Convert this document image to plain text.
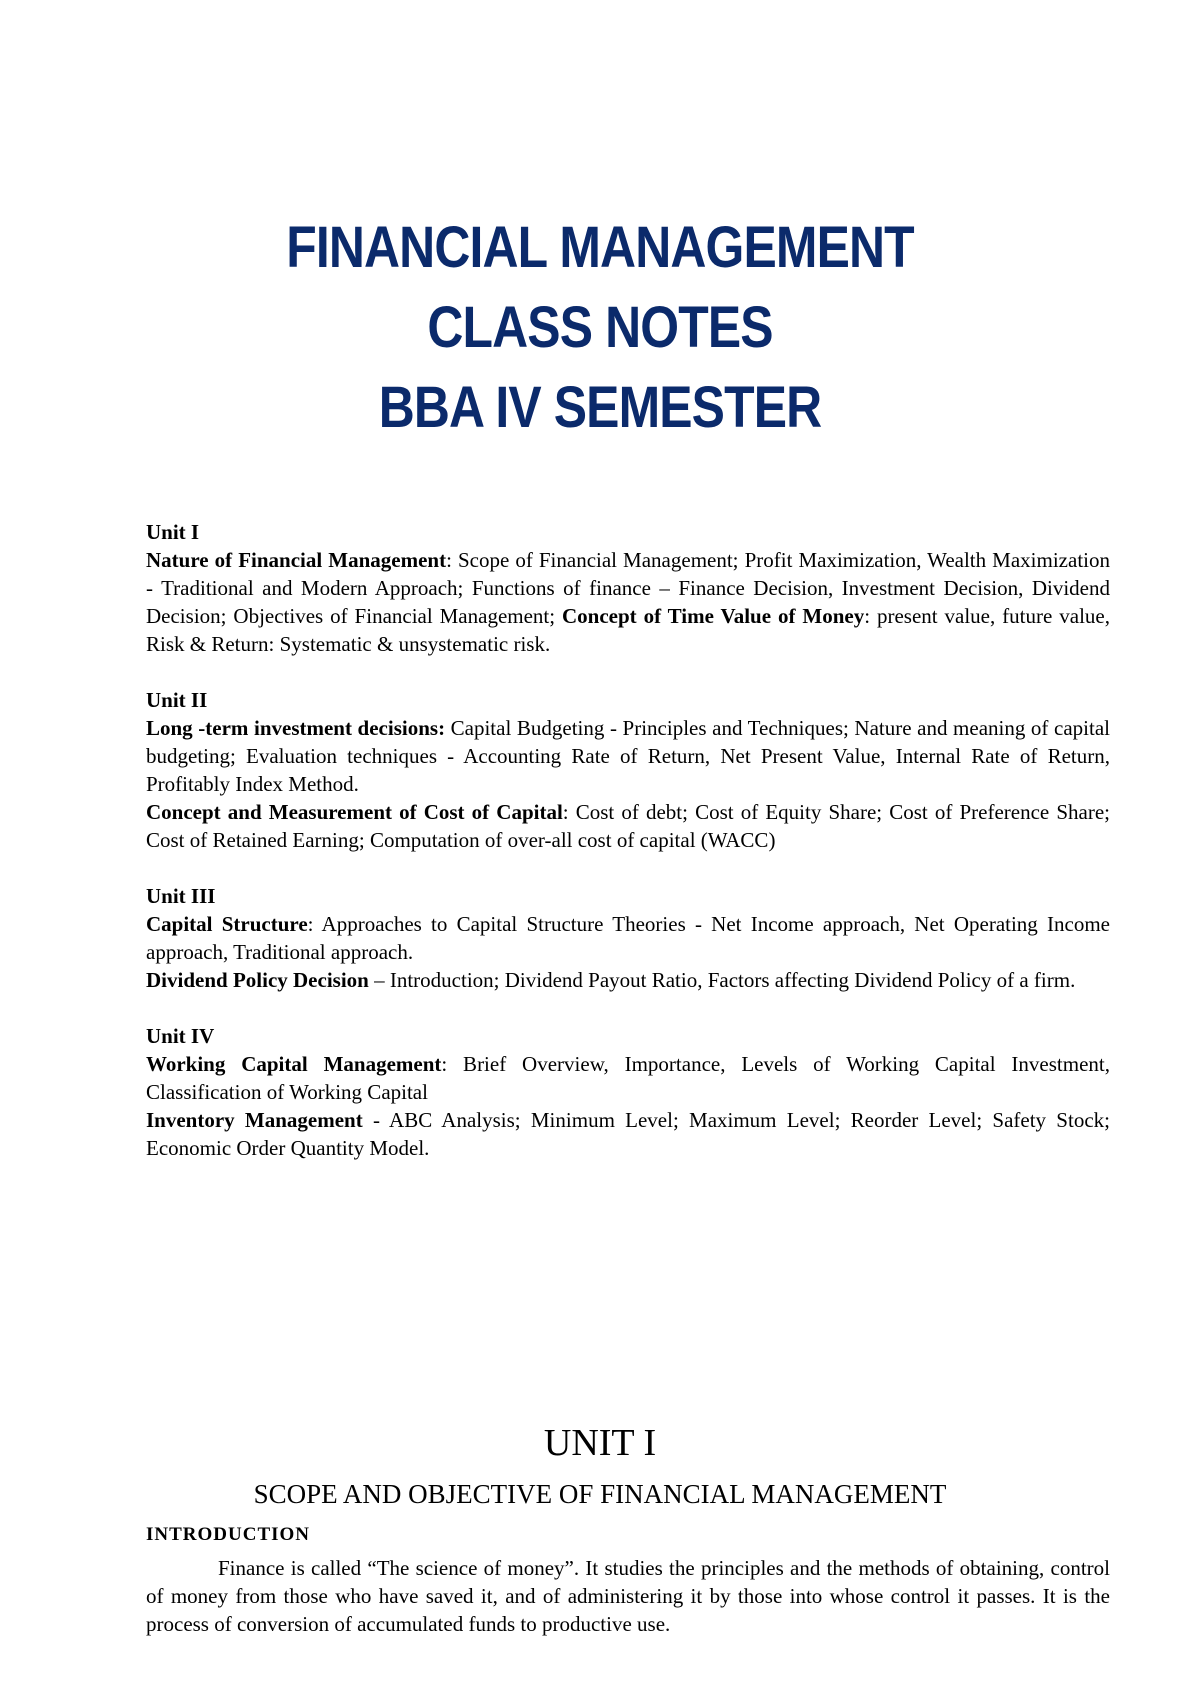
FINANCIAL MANAGEMENT
CLASS NOTES
BBA IV SEMESTER
Unit I
Nature of Financial Management: Scope of Financial Management; Profit Maximization, Wealth Maximization - Traditional and Modern Approach; Functions of finance – Finance Decision, Investment Decision, Dividend Decision; Objectives of Financial Management; Concept of Time Value of Money: present value, future value, Risk & Return: Systematic & unsystematic risk.
Unit II
Long -term investment decisions: Capital Budgeting - Principles and Techniques; Nature and meaning of capital budgeting; Evaluation techniques - Accounting Rate of Return, Net Present Value, Internal Rate of Return, Profitably Index Method.
Concept and Measurement of Cost of Capital: Cost of debt; Cost of Equity Share; Cost of Preference Share; Cost of Retained Earning; Computation of over-all cost of capital (WACC)
Unit III
Capital Structure: Approaches to Capital Structure Theories - Net Income approach, Net Operating Income approach, Traditional approach.
Dividend Policy Decision – Introduction; Dividend Payout Ratio, Factors affecting Dividend Policy of a firm.
Unit IV
Working Capital Management: Brief Overview, Importance, Levels of Working Capital Investment, Classification of Working Capital
Inventory Management - ABC Analysis; Minimum Level; Maximum Level; Reorder Level; Safety Stock; Economic Order Quantity Model.
UNIT I
SCOPE AND OBJECTIVE OF FINANCIAL MANAGEMENT
INTRODUCTION
Finance is called “The science of money”. It studies the principles and the methods of obtaining, control of money from those who have saved it, and of administering it by those into whose control it passes. It is the process of conversion of accumulated funds to productive use.
